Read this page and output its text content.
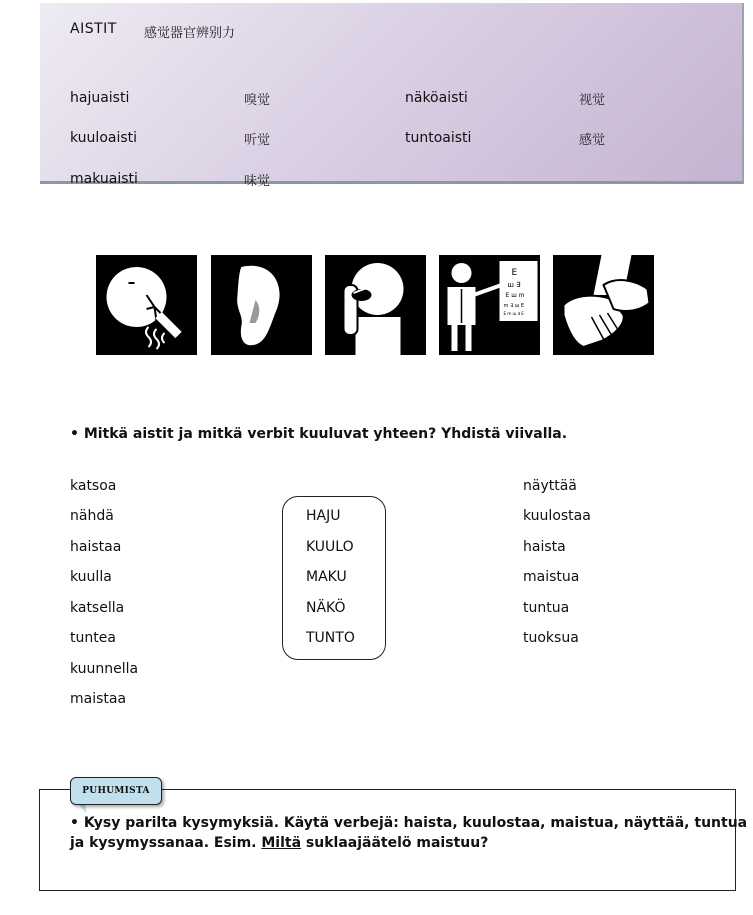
AISTIT 感觉器官辨别力
hajuaisti	嗅觉	näköaisti	视觉
kuuloaisti	听觉	tuntoaisti	感觉
makuaisti	味觉
E
ш ∃
E ш m
m ∃ ш E
E m ш ∃ E
• Mitkä aistit ja mitkä verbit kuuluvat yhteen? Yhdistä viivalla.
katsoa
nähdä
haistaa
kuulla
katsella
tuntea
kuunnella
maistaa
HAJU
KUULO
MAKU
NÄKÖ
TUNTO
näyttää
kuulostaa
haista
maistua
tuntua
tuoksua
PUHUMISTA
• Kysy parilta kysymyksiä. Käytä verbejä: haista, kuulostaa, maistua, näyttää, tuntua
ja kysymyssanaa. Esim. Miltä suklaajäätelö maistuu?
